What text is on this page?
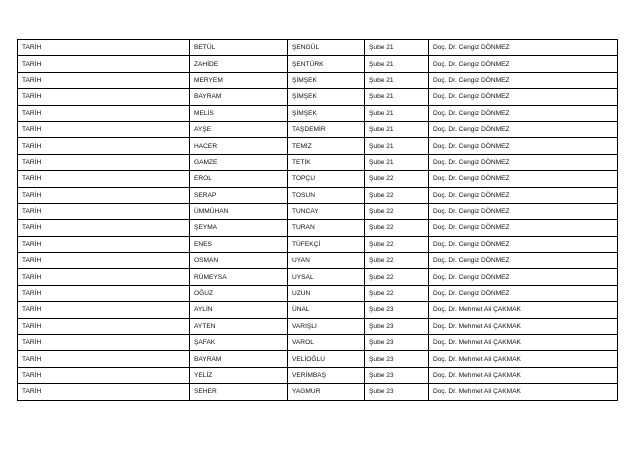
TARİH	BETÜL	ŞENGÜL	Şube 21	Doç. Dr. Cengiz DÖNMEZ
TARİH	ZAHİDE	ŞENTÜRK	Şube 21	Doç. Dr. Cengiz DÖNMEZ
TARİH	MERYEM	ŞİMŞEK	Şube 21	Doç. Dr. Cengiz DÖNMEZ
TARİH	BAYRAM	ŞİMŞEK	Şube 21	Doç. Dr. Cengiz DÖNMEZ
TARİH	MELİS	ŞİMŞEK	Şube 21	Doç. Dr. Cengiz DÖNMEZ
TARİH	AYŞE	TAŞDEMİR	Şube 21	Doç. Dr. Cengiz DÖNMEZ
TARİH	HACER	TEMİZ	Şube 21	Doç. Dr. Cengiz DÖNMEZ
TARİH	GAMZE	TETİK	Şube 21	Doç. Dr. Cengiz DÖNMEZ
TARİH	EROL	TOPÇU	Şube 22	Doç. Dr. Cengiz DÖNMEZ
TARİH	SERAP	TOSUN	Şube 22	Doç. Dr. Cengiz DÖNMEZ
TARİH	ÜMMÜHAN	TUNCAY	Şube 22	Doç. Dr. Cengiz DÖNMEZ
TARİH	ŞEYMA	TURAN	Şube 22	Doç. Dr. Cengiz DÖNMEZ
TARİH	ENES	TÜFEKÇİ	Şube 22	Doç. Dr. Cengiz DÖNMEZ
TARİH	OSMAN	UYAN	Şube 22	Doç. Dr. Cengiz DÖNMEZ
TARİH	RÜMEYSA	UYSAL	Şube 22	Doç. Dr. Cengiz DÖNMEZ
TARİH	OĞUZ	UZUN	Şube 22	Doç. Dr. Cengiz DÖNMEZ
TARİH	AYLİN	ÜNAL	Şube 23	Doç. Dr. Mehmet Ali ÇAKMAK
TARİH	AYTEN	VARIŞLI	Şube 23	Doç. Dr. Mehmet Ali ÇAKMAK
TARİH	ŞAFAK	VAROL	Şube 23	Doç. Dr. Mehmet Ali ÇAKMAK
TARİH	BAYRAM	VELİOĞLU	Şube 23	Doç. Dr. Mehmet Ali ÇAKMAK
TARİH	YELİZ	VERİMBAŞ	Şube 23	Doç. Dr. Mehmet Ali ÇAKMAK
TARİH	SEHER	YAGMUR	Şube 23	Doç. Dr. Mehmet Ali ÇAKMAK
